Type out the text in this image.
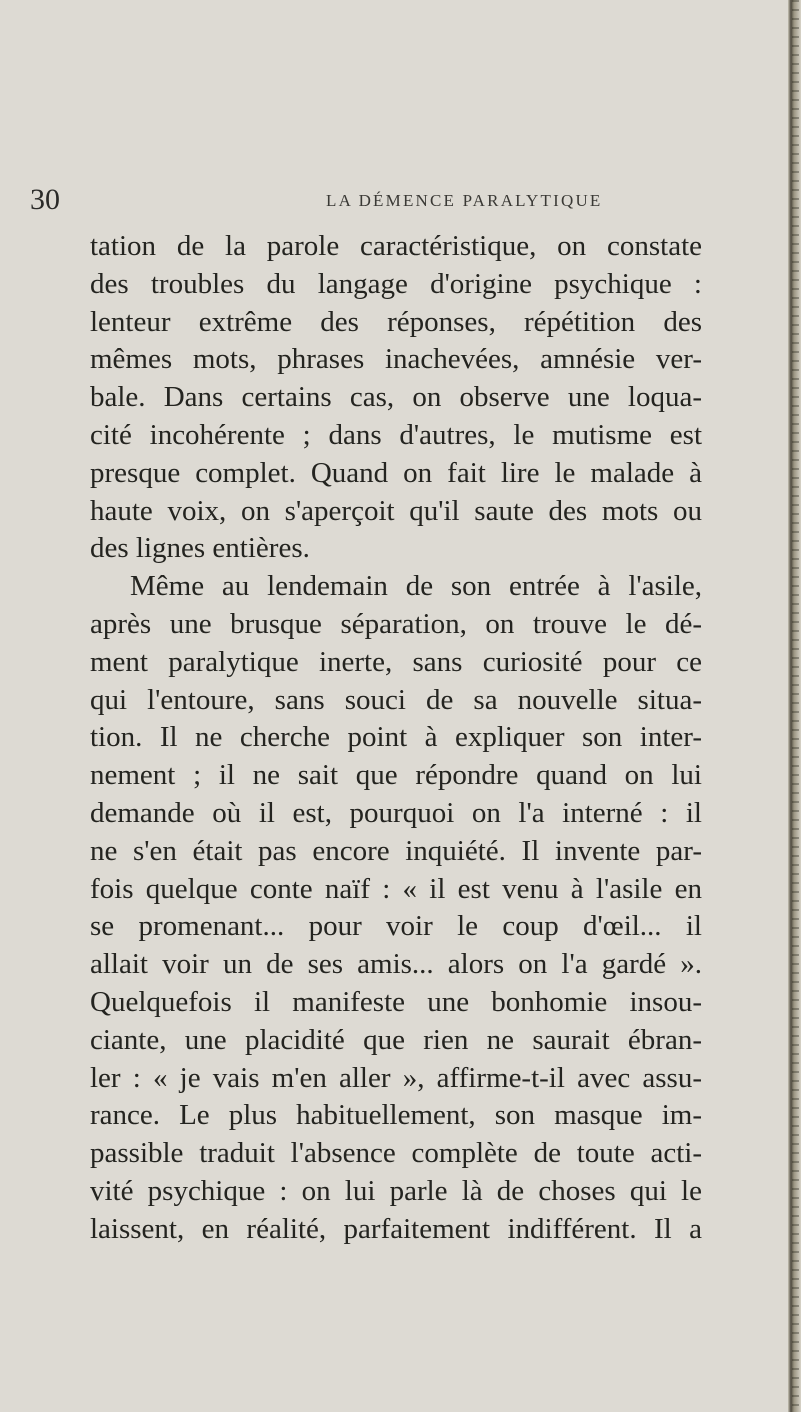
30	LA DÉMENCE PARALYTIQUE
tation de la parole caractéristique, on constate
des troubles du langage d'origine psychique :
lenteur extrême des réponses, répétition des
mêmes mots, phrases inachevées, amnésie ver-
bale. Dans certains cas, on observe une loqua-
cité incohérente ; dans d'autres, le mutisme est
presque complet. Quand on fait lire le malade à
haute voix, on s'aperçoit qu'il saute des mots ou
des lignes entières.
Même au lendemain de son entrée à l'asile,
après une brusque séparation, on trouve le dé-
ment paralytique inerte, sans curiosité pour ce
qui l'entoure, sans souci de sa nouvelle situa-
tion. Il ne cherche point à expliquer son inter-
nement ; il ne sait que répondre quand on lui
demande où il est, pourquoi on l'a interné : il
ne s'en était pas encore inquiété. Il invente par-
fois quelque conte naïf : « il est venu à l'asile en
se promenant... pour voir le coup d'œil... il
allait voir un de ses amis... alors on l'a gardé ».
Quelquefois il manifeste une bonhomie insou-
ciante, une placidité que rien ne saurait ébran-
ler : « je vais m'en aller », affirme-t-il avec assu-
rance. Le plus habituellement, son masque im-
passible traduit l'absence complète de toute acti-
vité psychique : on lui parle là de choses qui le
laissent, en réalité, parfaitement indifférent. Il a
